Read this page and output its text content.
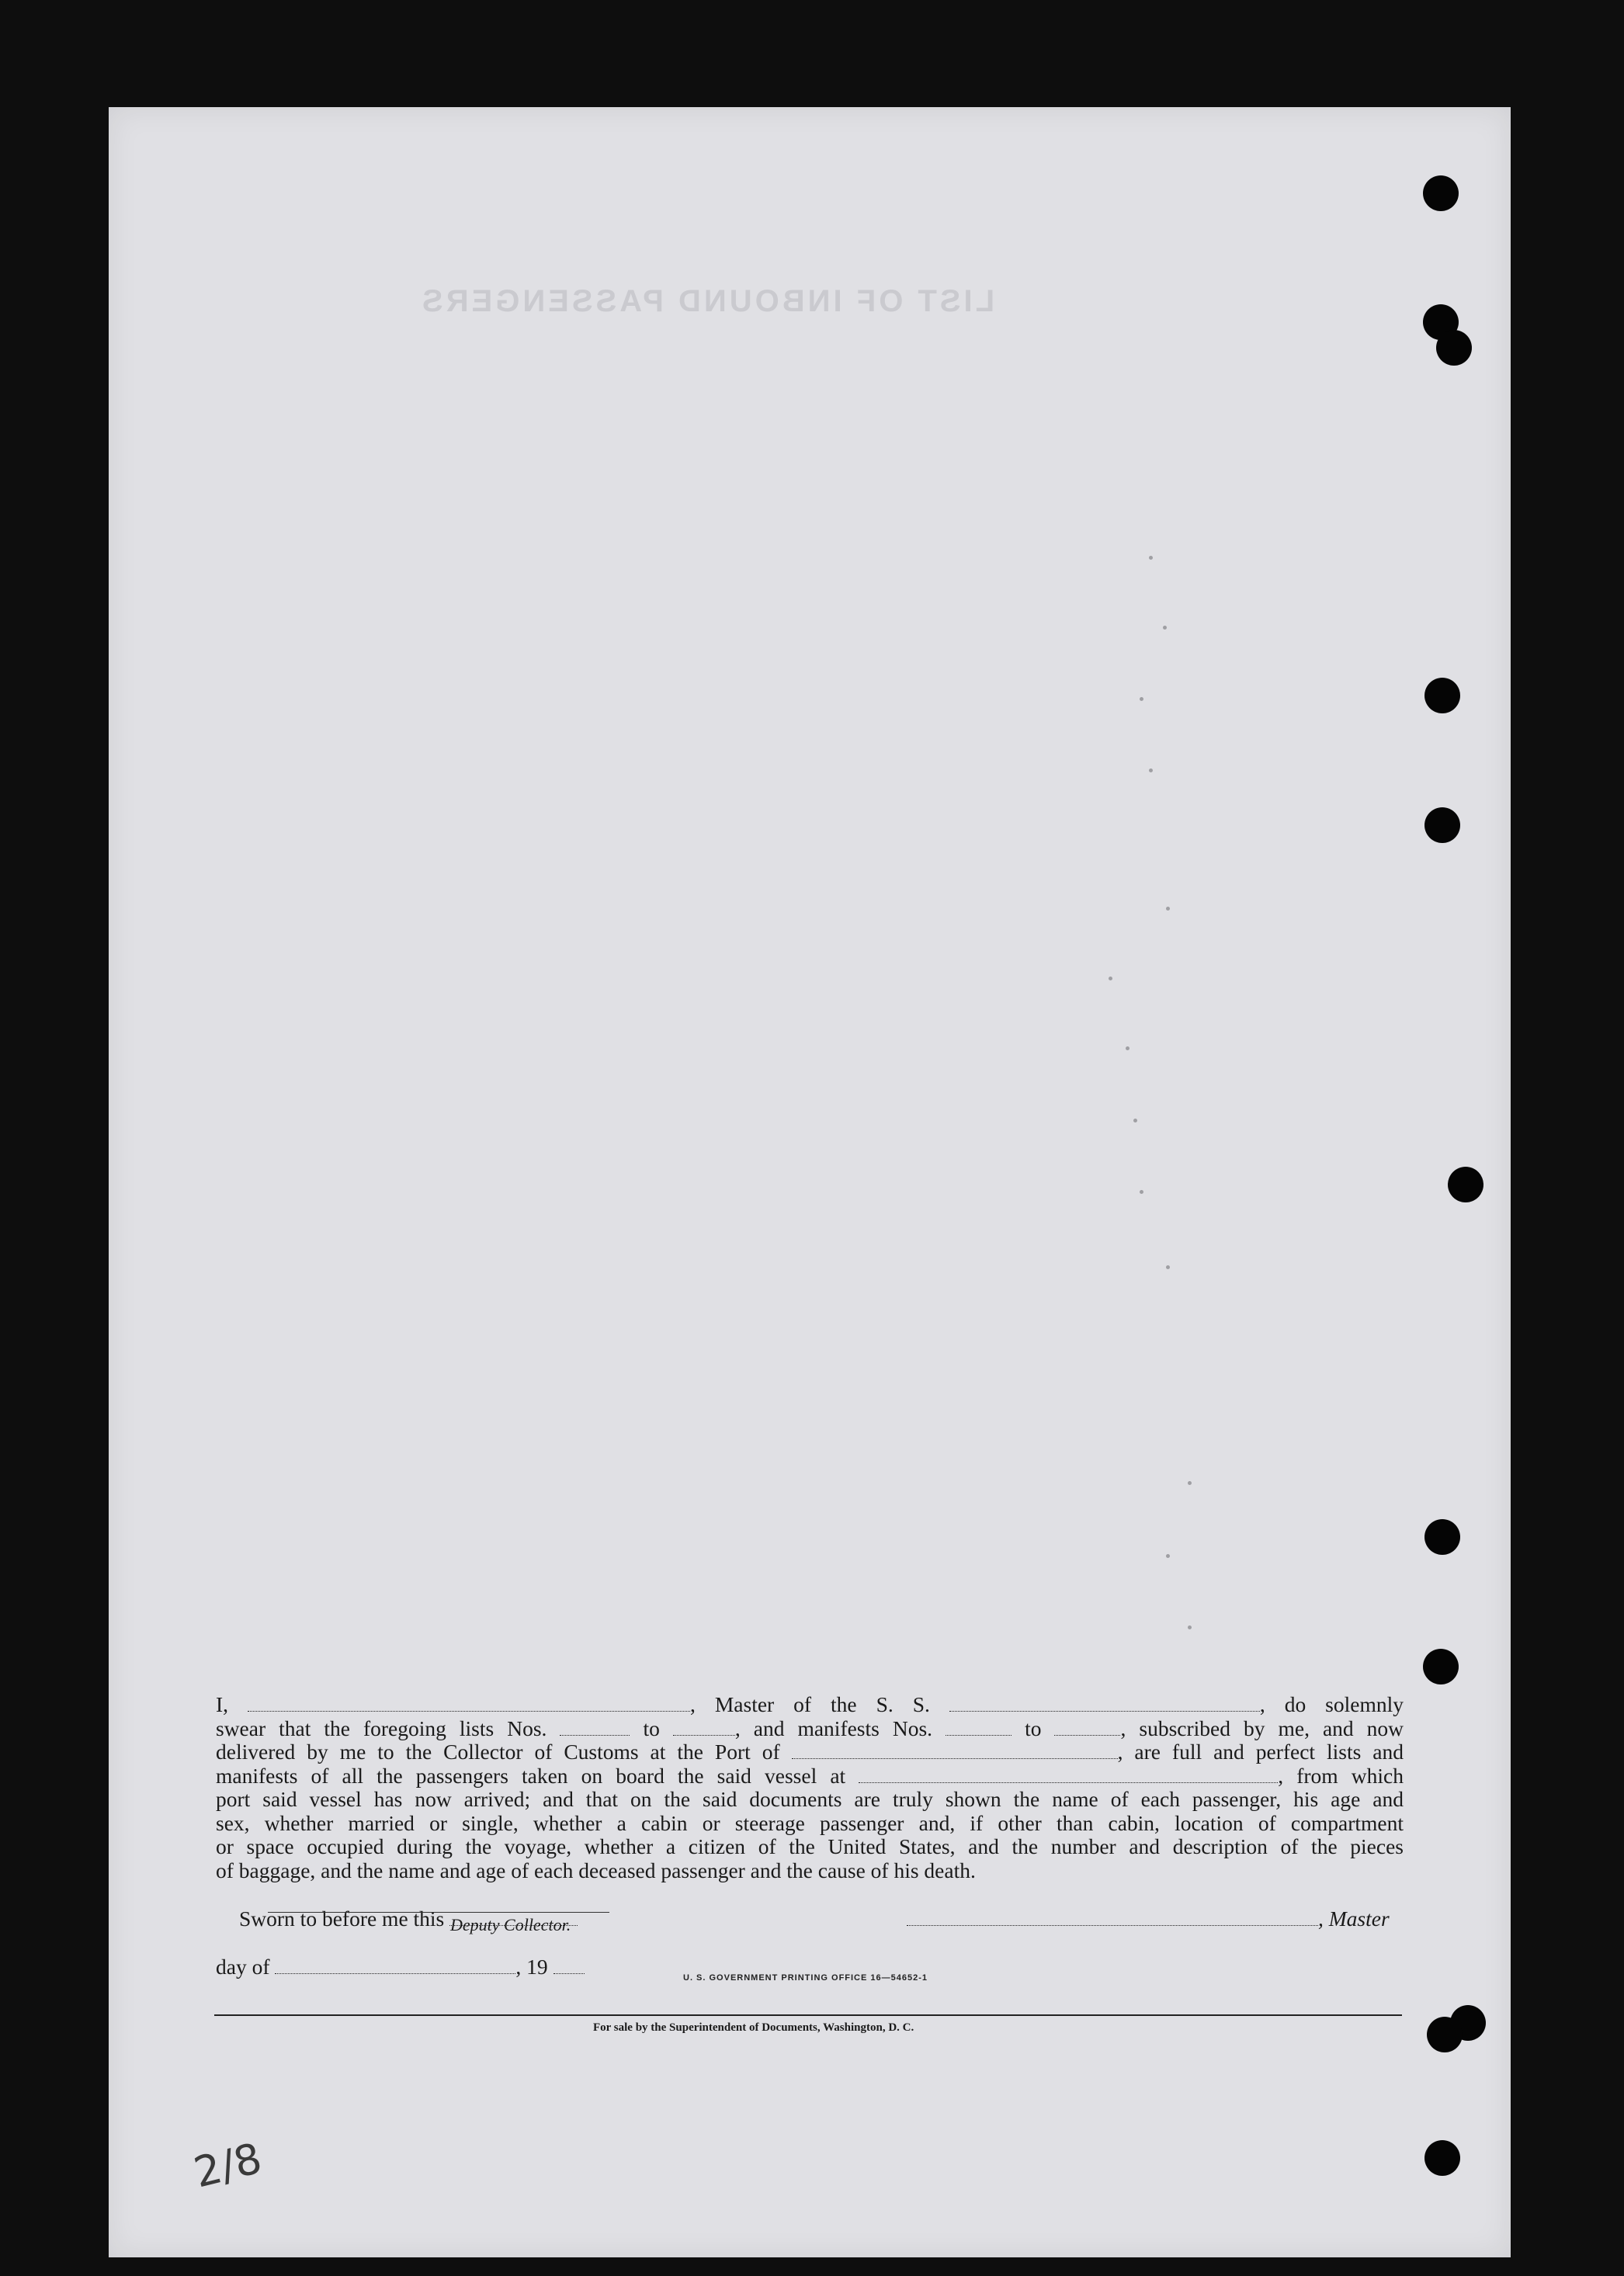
LIST OF INBOUND PASSENGERS
I,	, Master of the S. S.	, do solemnly
swear that the foregoing lists Nos.	to	, and manifests Nos.	to	, subscribed by me, and now
delivered by me to the Collector of Customs at the Port of	, are full and perfect lists and
manifests of all the passengers taken on board the said vessel at	, from which
port said vessel has now arrived; and that on the said documents are truly shown the name of each passenger, his age and
sex, whether married or single, whether a cabin or steerage passenger and, if other than cabin, location of compartment
or space occupied during the voyage, whether a citizen of the United States, and the number and description of the pieces
of baggage, and the name and age of each deceased passenger and the cause of his death.
Sworn to before me this	, Master
day of	, 19
Deputy Collector.
U. S. GOVERNMENT PRINTING OFFICE 16—54652-1
For sale by the Superintendent of Documents, Washington, D. C.
2/8
